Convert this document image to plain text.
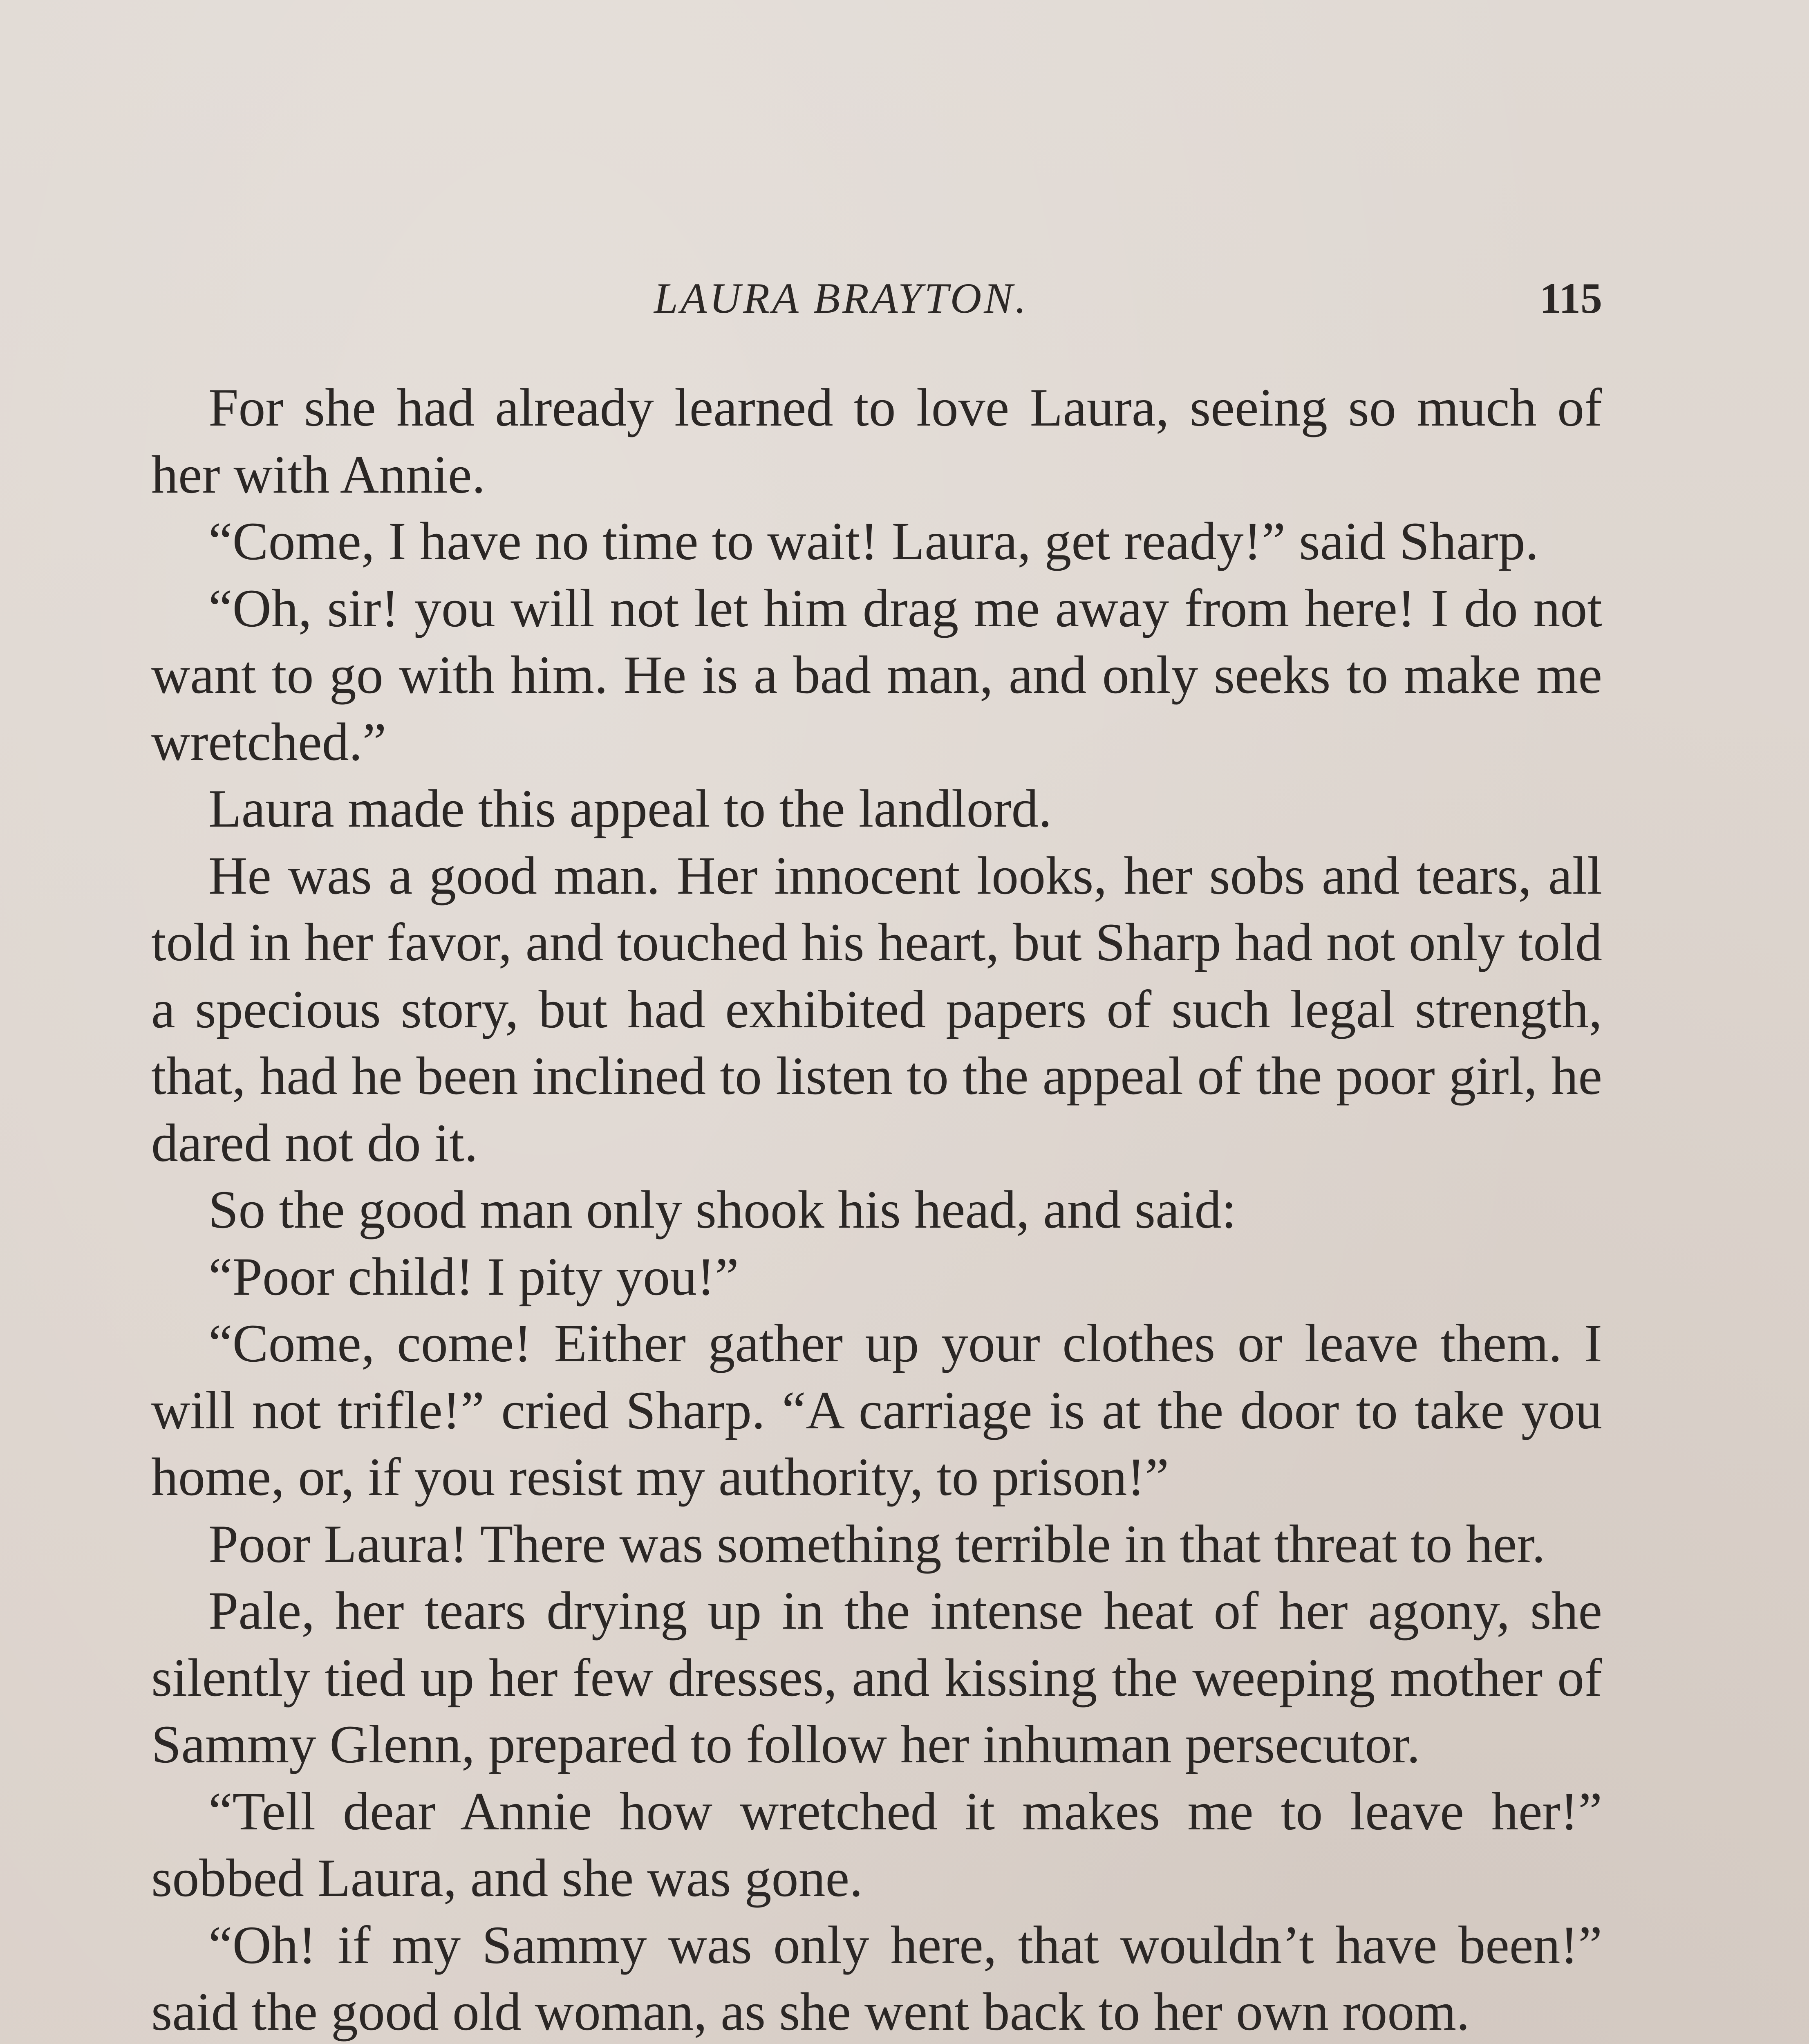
LAURA BRAYTON.	115

For she had already learned to love Laura, seeing so much of her with Annie.

“Come, I have no time to wait! Laura, get ready!” said Sharp.

“Oh, sir! you will not let him drag me away from here! I do not want to go with him. He is a bad man, and only seeks to make me wretched.”

Laura made this appeal to the landlord.

He was a good man. Her innocent looks, her sobs and tears, all told in her favor, and touched his heart, but Sharp had not only told a specious story, but had exhibited papers of such legal strength, that, had he been inclined to listen to the appeal of the poor girl, he dared not do it.

So the good man only shook his head, and said:

“Poor child! I pity you!”

“Come, come! Either gather up your clothes or leave them. I will not trifle!” cried Sharp. “A carriage is at the door to take you home, or, if you resist my authority, to prison!”

Poor Laura! There was something terrible in that threat to her.

Pale, her tears drying up in the intense heat of her agony, she silently tied up her few dresses, and kissing the weeping mother of Sammy Glenn, prepared to follow her inhuman persecutor.

“Tell dear Annie how wretched it makes me to leave her!” sobbed Laura, and she was gone.

“Oh! if my Sammy was only here, that wouldn’t have been!” said the good old woman, as she went back to her own room.
